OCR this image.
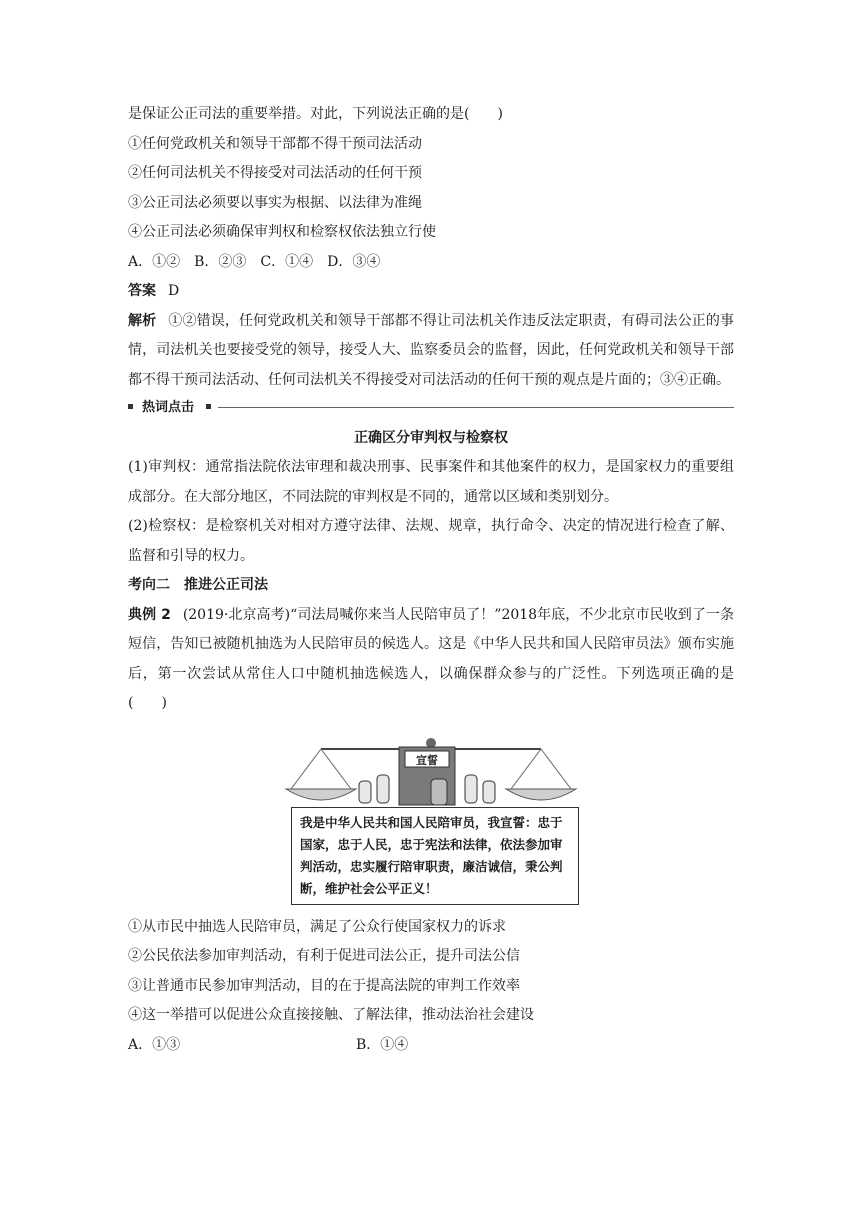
是保证公正司法的重要举措。对此，下列说法正确的是(　　)
①任何党政机关和领导干部都不得干预司法活动
②任何司法机关不得接受对司法活动的任何干预
③公正司法必须要以事实为根据、以法律为准绳
④公正司法必须确保审判权和检察权依法独立行使
A．①②　B．②③　C．①④　D．③④
答案 D
解析 ①②错误，任何党政机关和领导干部都不得让司法机关作违反法定职责，有碍司法公正的事情，司法机关也要接受党的领导，接受人大、监察委员会的监督，因此，任何党政机关和领导干部都不得干预司法活动、任何司法机关不得接受对司法活动的任何干预的观点是片面的；③④正确。
热词点击
正确区分审判权与检察权
(1)审判权：通常指法院依法审理和裁决刑事、民事案件和其他案件的权力，是国家权力的重要组成部分。在大部分地区，不同法院的审判权是不同的，通常以区域和类别划分。
(2)检察权：是检察机关对相对方遵守法律、法规、规章，执行命令、决定的情况进行检查了解、监督和引导的权力。
考向二　推进公正司法
典例 2 (2019·北京高考)“司法局喊你来当人民陪审员了！”2018年底，不少北京市民收到了一条短信，告知已被随机抽选为人民陪审员的候选人。这是《中华人民共和国人民陪审员法》颁布实施后，第一次尝试从常住人口中随机抽选候选人，以确保群众参与的广泛性。下列选项正确的是(　　)
宣誓
我是中华人民共和国人民陪审员，我宣誓：忠于国家，忠于人民，忠于宪法和法律，依法参加审判活动，忠实履行陪审职责，廉洁诚信，秉公判断，维护社会公平正义！
①从市民中抽选人民陪审员，满足了公众行使国家权力的诉求
②公民依法参加审判活动，有利于促进司法公正，提升司法公信
③让普通市民参加审判活动，目的在于提高法院的审判工作效率
④这一举措可以促进公众直接接触、了解法律，推动法治社会建设
A．①③	B．①④
